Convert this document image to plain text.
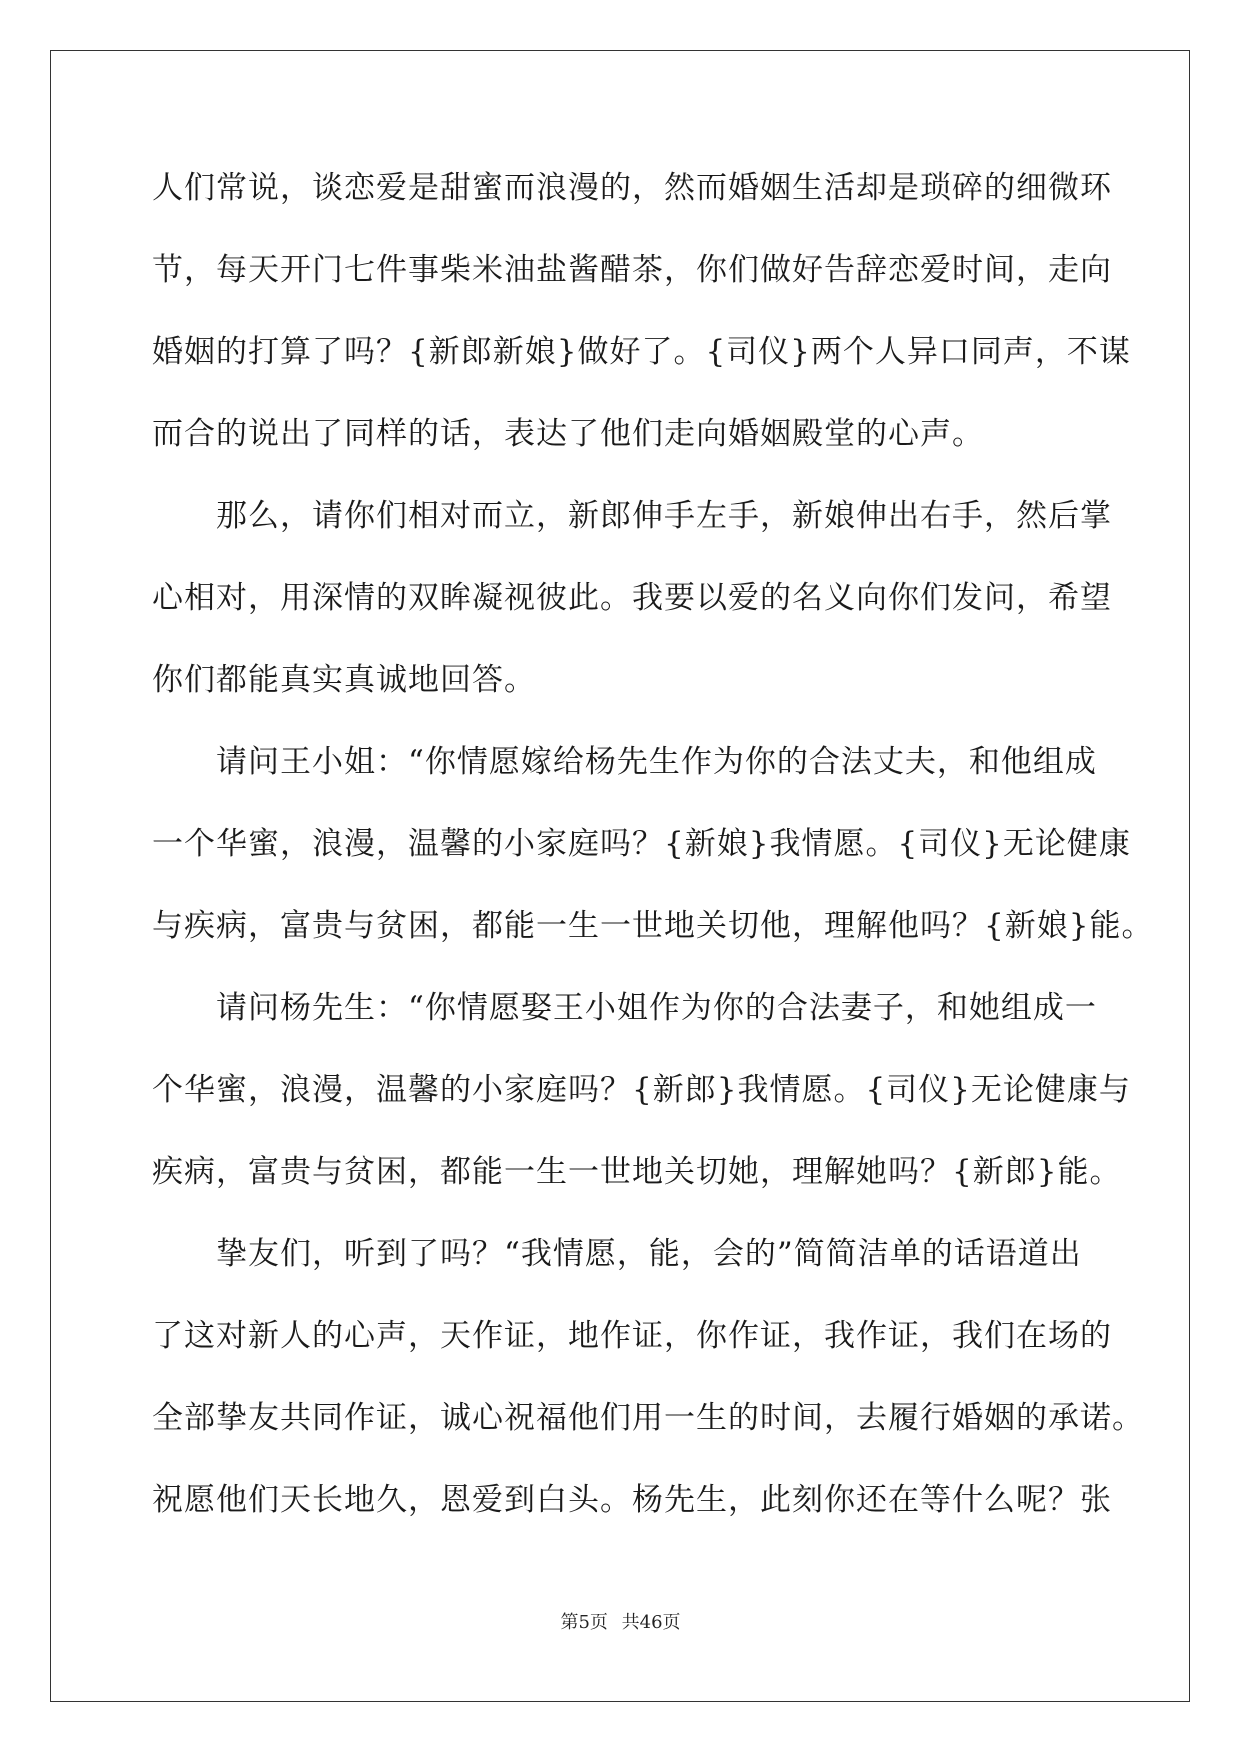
人们常说，谈恋爱是甜蜜而浪漫的，然而婚姻生活却是琐碎的细微环
节，每天开门七件事柴米油盐酱醋茶，你们做好告辞恋爱时间，走向
婚姻的打算了吗？{新郎新娘}做好了。{司仪}两个人异口同声，不谋
而合的说出了同样的话，表达了他们走向婚姻殿堂的心声。
　　那么，请你们相对而立，新郎伸手左手，新娘伸出右手，然后掌
心相对，用深情的双眸凝视彼此。我要以爱的名义向你们发问，希望
你们都能真实真诚地回答。
　　请问王小姐：“你情愿嫁给杨先生作为你的合法丈夫，和他组成
一个华蜜，浪漫，温馨的小家庭吗？{新娘}我情愿。{司仪}无论健康
与疾病，富贵与贫困，都能一生一世地关切他，理解他吗？{新娘}能。
　　请问杨先生：“你情愿娶王小姐作为你的合法妻子，和她组成一
个华蜜，浪漫，温馨的小家庭吗？{新郎}我情愿。{司仪}无论健康与
疾病，富贵与贫困，都能一生一世地关切她，理解她吗？{新郎}能。
　　挚友们，听到了吗？“我情愿，能，会的”简简洁单的话语道出
了这对新人的心声，天作证，地作证，你作证，我作证，我们在场的
全部挚友共同作证，诚心祝福他们用一生的时间，去履行婚姻的承诺。
祝愿他们天长地久，恩爱到白头。杨先生，此刻你还在等什么呢？张
第5页 共46页
